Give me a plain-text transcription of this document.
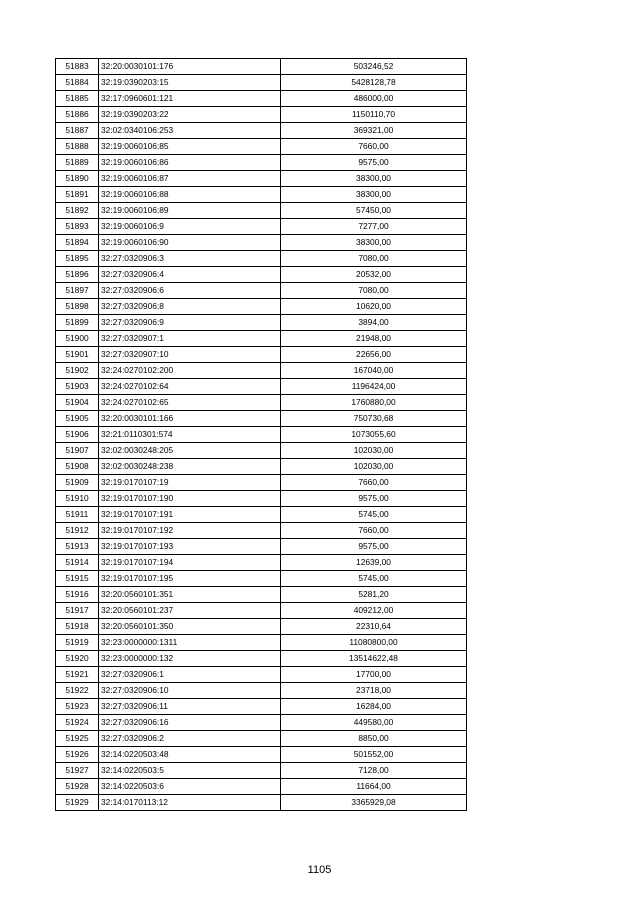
51883	32:20:0030101:176	503246,52
51884	32:19:0390203:15	5428128,78
51885	32:17:0960601:121	486000,00
51886	32:19:0390203:22	1150110,70
51887	32:02:0340106:253	369321,00
51888	32:19:0060106:85	7660,00
51889	32:19:0060106:86	9575,00
51890	32:19:0060106:87	38300,00
51891	32:19:0060106:88	38300,00
51892	32:19:0060106:89	57450,00
51893	32:19:0060106:9	7277,00
51894	32:19:0060106:90	38300,00
51895	32:27:0320906:3	7080,00
51896	32:27:0320906:4	20532,00
51897	32:27:0320906:6	7080,00
51898	32:27:0320906:8	10620,00
51899	32:27:0320906:9	3894,00
51900	32:27:0320907:1	21948,00
51901	32:27:0320907:10	22656,00
51902	32:24:0270102:200	167040,00
51903	32:24:0270102:64	1196424,00
51904	32:24:0270102:65	1760880,00
51905	32:20:0030101:166	750730,68
51906	32:21:0110301:574	1073055,60
51907	32:02:0030248:205	102030,00
51908	32:02:0030248:238	102030,00
51909	32:19:0170107:19	7660,00
51910	32:19:0170107:190	9575,00
51911	32:19:0170107:191	5745,00
51912	32:19:0170107:192	7660,00
51913	32:19:0170107:193	9575,00
51914	32:19:0170107:194	12639,00
51915	32:19:0170107:195	5745,00
51916	32:20:0560101:351	5281,20
51917	32:20:0560101:237	409212,00
51918	32:20:0560101:350	22310,64
51919	32:23:0000000:1311	11080800,00
51920	32:23:0000000:132	13514622,48
51921	32:27:0320906:1	17700,00
51922	32:27:0320906:10	23718,00
51923	32:27:0320906:11	16284,00
51924	32:27:0320906:16	449580,00
51925	32:27:0320906:2	8850,00
51926	32:14:0220503:48	501552,00
51927	32:14:0220503:5	7128,00
51928	32:14:0220503:6	11664,00
51929	32:14:0170113:12	3365929,08
1105
